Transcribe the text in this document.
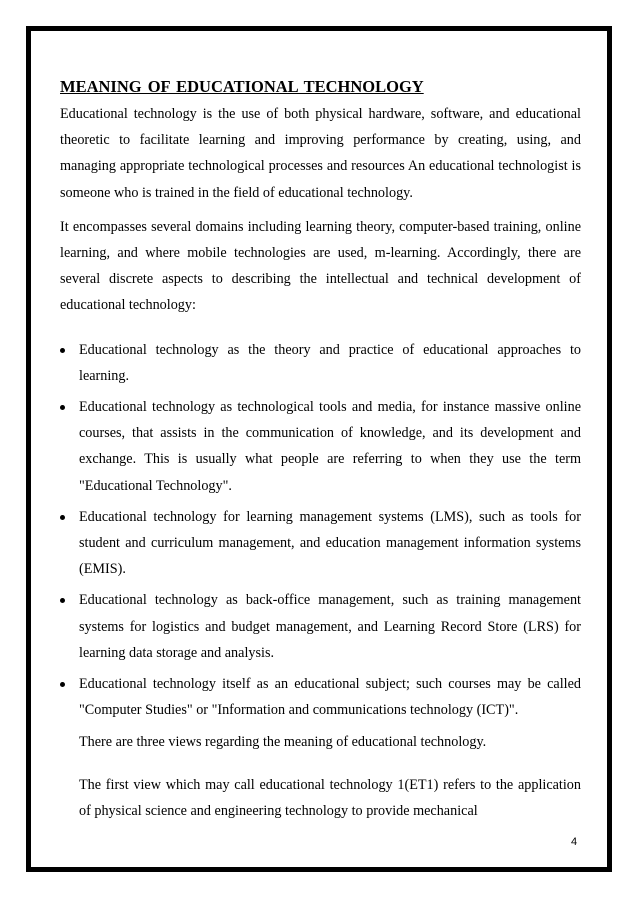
MEANING OF EDUCATIONAL TECHNOLOGY

Educational technology is the use of both physical hardware, software, and educational theoretic to facilitate learning and improving performance by creating, using, and managing appropriate technological processes and resources An educational technologist is someone who is trained in the field of educational technology.

It encompasses several domains including learning theory, computer-based training, online learning, and where mobile technologies are used, m-learning. Accordingly, there are several discrete aspects to describing the intellectual and technical development of educational technology:

Educational technology as the theory and practice of educational approaches to learning.
Educational technology as technological tools and media, for instance massive online courses, that assists in the communication of knowledge, and its development and exchange. This is usually what people are referring to when they use the term "Educational Technology".
Educational technology for learning management systems (LMS), such as tools for student and curriculum management, and education management information systems (EMIS).
Educational technology as back-office management, such as training management systems for logistics and budget management, and Learning Record Store (LRS) for learning data storage and analysis.
Educational technology itself as an educational subject; such courses may be called "Computer Studies" or "Information and communications technology (ICT)".

There are three views regarding the meaning of educational technology.

The first view which may call educational technology 1(ET1) refers to the application of physical science and engineering technology to provide mechanical

4
